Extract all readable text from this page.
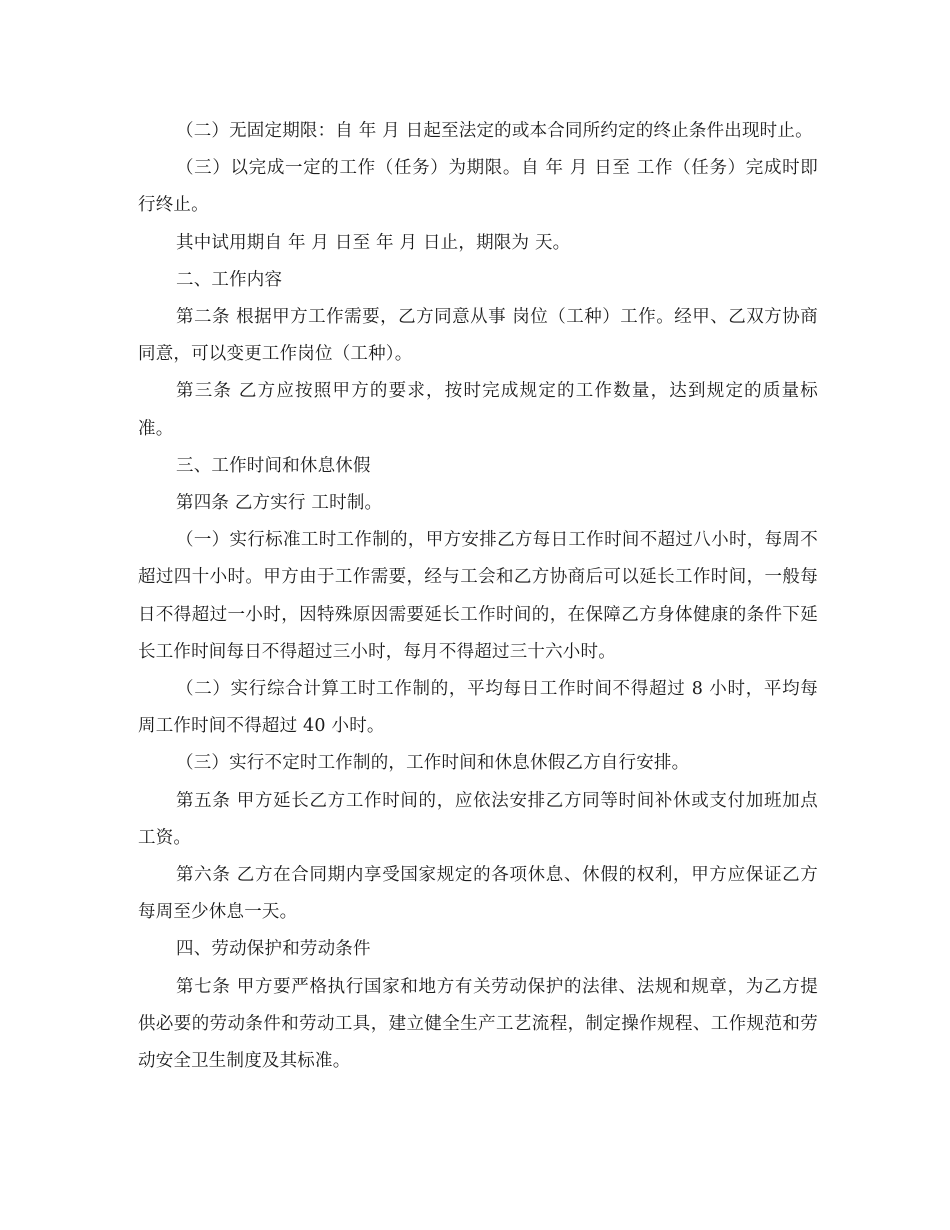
（二）无固定期限：自 年 月 日起至法定的或本合同所约定的终止条件出现时止。

（三）以完成一定的工作（任务）为期限。自 年 月 日至 工作（任务）完成时即行终止。

其中试用期自 年 月 日至 年 月 日止，期限为 天。

二、工作内容

第二条 根据甲方工作需要，乙方同意从事 岗位（工种）工作。经甲、乙双方协商同意，可以变更工作岗位（工种）。

第三条 乙方应按照甲方的要求，按时完成规定的工作数量，达到规定的质量标准。

三、工作时间和休息休假

第四条 乙方实行 工时制。

（一）实行标准工时工作制的，甲方安排乙方每日工作时间不超过八小时，每周不超过四十小时。甲方由于工作需要，经与工会和乙方协商后可以延长工作时间，一般每日不得超过一小时，因特殊原因需要延长工作时间的，在保障乙方身体健康的条件下延长工作时间每日不得超过三小时，每月不得超过三十六小时。

（二）实行综合计算工时工作制的，平均每日工作时间不得超过 8 小时，平均每周工作时间不得超过 40 小时。

（三）实行不定时工作制的，工作时间和休息休假乙方自行安排。

第五条 甲方延长乙方工作时间的，应依法安排乙方同等时间补休或支付加班加点工资。

第六条 乙方在合同期内享受国家规定的各项休息、休假的权利，甲方应保证乙方每周至少休息一天。

四、劳动保护和劳动条件

第七条 甲方要严格执行国家和地方有关劳动保护的法律、法规和规章，为乙方提供必要的劳动条件和劳动工具，建立健全生产工艺流程，制定操作规程、工作规范和劳动安全卫生制度及其标准。
